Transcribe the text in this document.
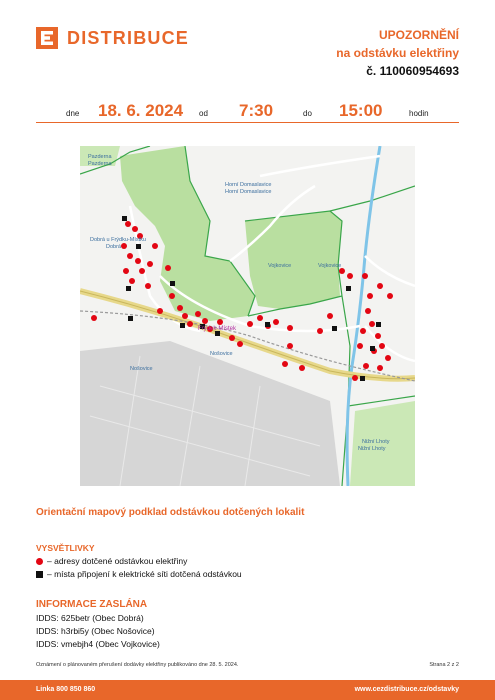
DISTRIBUCE	UPOZORNĚNÍ
na odstávku elektřiny
č. 110060954693
dne 18. 6. 2024 od 7:30	do 15:00	hodin
Pazderna
Pazderna
Horní Domaslavice
Horní Domaslavice
Dobrá u Frýdku-Místku
Dobrá
Vojkovice	Vojkovice
Nošovice
Nošovice
Nižní Lhoty
Nižní Lhoty
Frýdek-Místek
Orientační mapový podklad odstávkou dotčených lokalit
VYSVĚTLIVKY
– adresy dotčené odstávkou elektřiny
– místa připojení k elektrické síti dotčená odstávkou
INFORMACE ZASLÁNA
IDDS: 625betr (Obec Dobrá)
IDDS: h3rbi5y (Obec Nošovice)
IDDS: vmebjh4 (Obec Vojkovice)
Oznámení o plánovaném přerušení dodávky elektřiny publikováno dne 28. 5. 2024.	Strana 2 z 2
Linka 800 850 860	www.cezdistribuce.cz/odstavky
